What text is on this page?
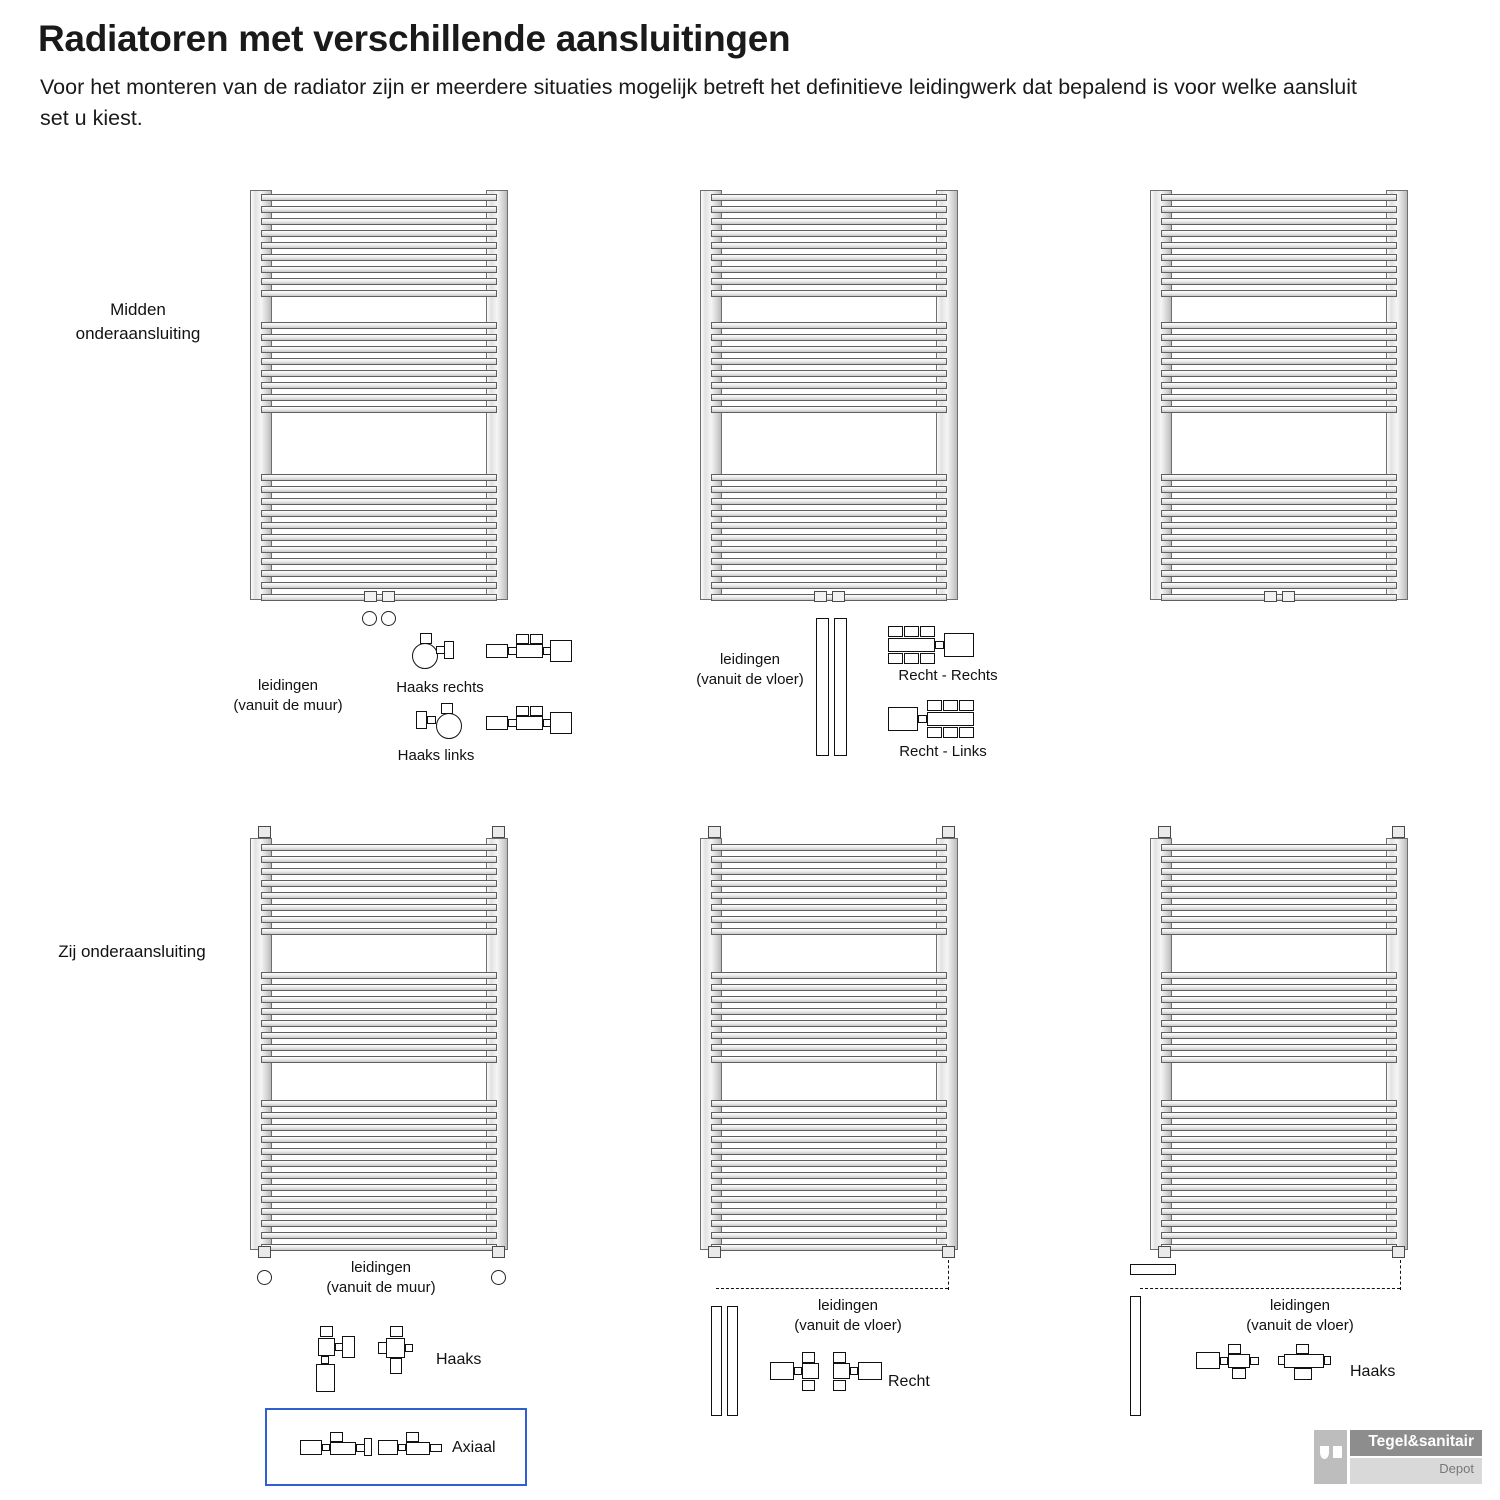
Radiatoren met verschillende aansluitingen
Voor het monteren van de radiator zijn er meerdere situaties mogelijk betreft het definitieve leidingwerk dat bepalend is voor welke aansluit set u kiest.
Midden
onderaansluiting
Zij onderaansluiting
leidingen
(vanuit de muur)
Haaks rechts
Haaks links
leidingen
(vanuit de vloer)	Recht - Rechts
Recht - Links
leidingen
(vanuit de muur)
Haaks
Axiaal
leidingen
(vanuit de vloer)
Recht
leidingen
(vanuit de vloer)
Haaks
Tegel&sanitair
Depot
